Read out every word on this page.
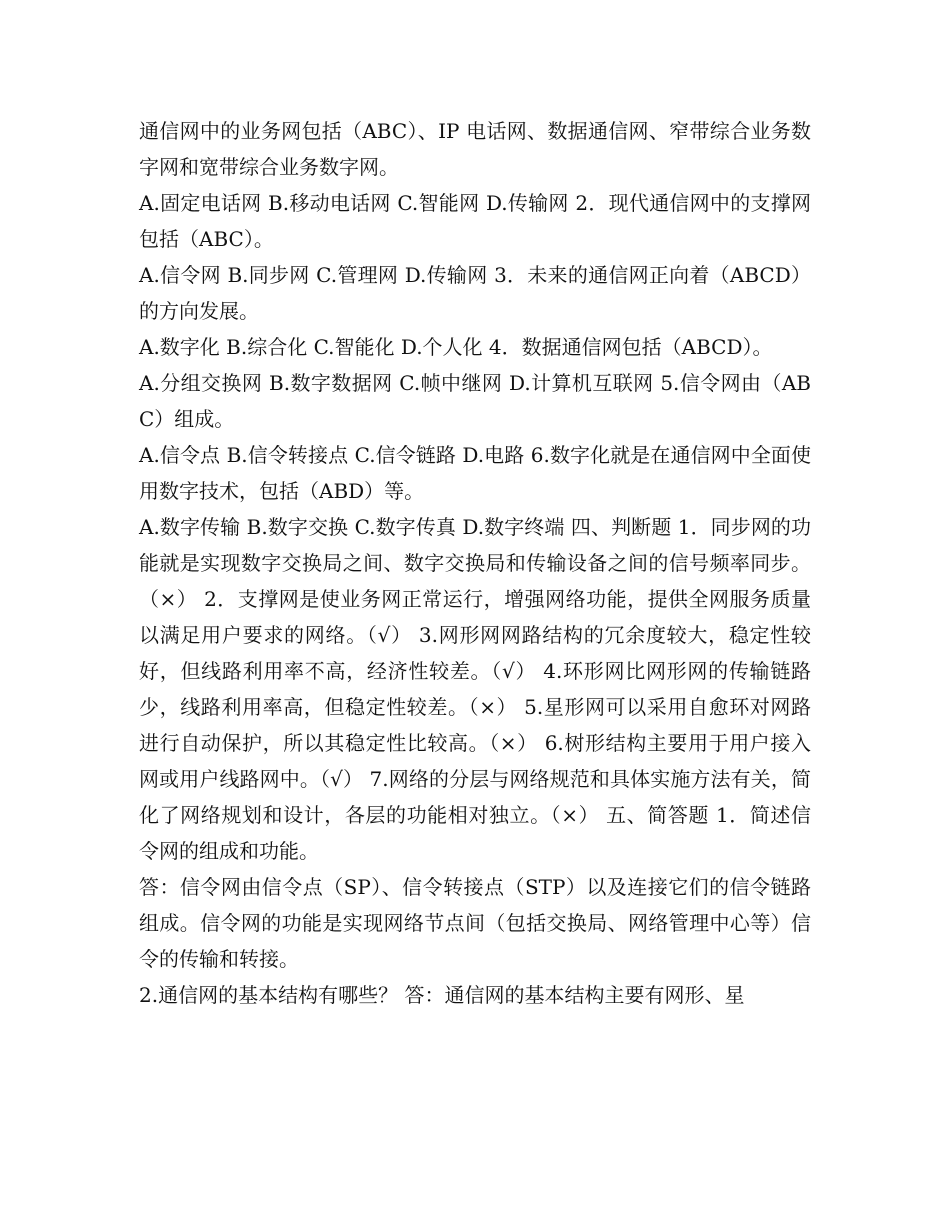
通信网中的业务网包括（ABC）、IP 电话网、数据通信网、窄带综合业务数字网和宽带综合业务数字网。

A.固定电话网 B.移动电话网 C.智能网 D.传输网 2．现代通信网中的支撑网包括（ABC）。

A.信令网 B.同步网 C.管理网 D.传输网 3．未来的通信网正向着（ABCD）的方向发展。

A.数字化 B.综合化 C.智能化 D.个人化 4．数据通信网包括（ABCD）。

A.分组交换网 B.数字数据网 C.帧中继网 D.计算机互联网 5.信令网由（ABC）组成。

A.信令点 B.信令转接点 C.信令链路 D.电路 6.数字化就是在通信网中全面使用数字技术，包括（ABD）等。

A.数字传输 B.数字交换 C.数字传真 D.数字终端 四、判断题 1．同步网的功能就是实现数字交换局之间、数字交换局和传输设备之间的信号频率同步。（×） 2．支撑网是使业务网正常运行，增强网络功能，提供全网服务质量以满足用户要求的网络。（√） 3.网形网网路结构的冗余度较大，稳定性较好，但线路利用率不高，经济性较差。（√） 4.环形网比网形网的传输链路少，线路利用率高，但稳定性较差。（×） 5.星形网可以采用自愈环对网路进行自动保护，所以其稳定性比较高。（×） 6.树形结构主要用于用户接入网或用户线路网中。（√） 7.网络的分层与网络规范和具体实施方法有关，简化了网络规划和设计，各层的功能相对独立。（×） 五、简答题 1．简述信令网的组成和功能。

答：信令网由信令点（SP）、信令转接点（STP）以及连接它们的信令链路组成。信令网的功能是实现网络节点间（包括交换局、网络管理中心等）信令的传输和转接。

2.通信网的基本结构有哪些？ 答：通信网的基本结构主要有网形、星
